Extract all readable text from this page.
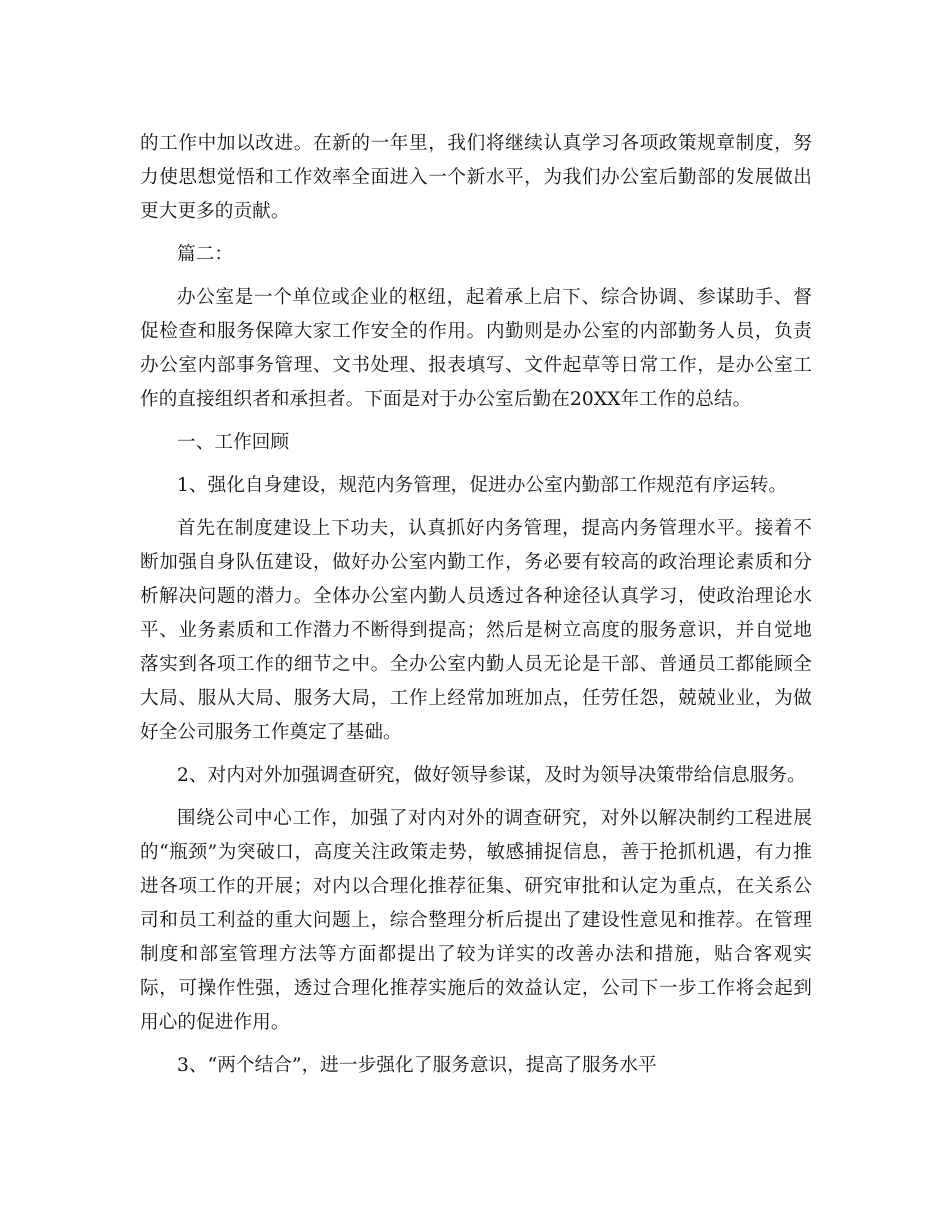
的工作中加以改进。在新的一年里，我们将继续认真学习各项政策规章制度，努力使思想觉悟和工作效率全面进入一个新水平，为我们办公室后勤部的发展做出更大更多的贡献。

篇二：

办公室是一个单位或企业的枢纽，起着承上启下、综合协调、参谋助手、督促检查和服务保障大家工作安全的作用。内勤则是办公室的内部勤务人员，负责办公室内部事务管理、文书处理、报表填写、文件起草等日常工作，是办公室工作的直接组织者和承担者。下面是对于办公室后勤在20XX年工作的总结。

一、工作回顾

1、强化自身建设，规范内务管理，促进办公室内勤部工作规范有序运转。

首先在制度建设上下功夫，认真抓好内务管理，提高内务管理水平。接着不断加强自身队伍建设，做好办公室内勤工作，务必要有较高的政治理论素质和分析解决问题的潜力。全体办公室内勤人员透过各种途径认真学习，使政治理论水平、业务素质和工作潜力不断得到提高；然后是树立高度的服务意识，并自觉地落实到各项工作的细节之中。全办公室内勤人员无论是干部、普通员工都能顾全大局、服从大局、服务大局，工作上经常加班加点，任劳任怨，兢兢业业，为做好全公司服务工作奠定了基础。

2、对内对外加强调查研究，做好领导参谋，及时为领导决策带给信息服务。

围绕公司中心工作，加强了对内对外的调查研究，对外以解决制约工程进展的“瓶颈”为突破口，高度关注政策走势，敏感捕捉信息，善于抢抓机遇，有力推进各项工作的开展；对内以合理化推荐征集、研究审批和认定为重点，在关系公司和员工利益的重大问题上，综合整理分析后提出了建设性意见和推荐。在管理制度和部室管理方法等方面都提出了较为详实的改善办法和措施，贴合客观实际，可操作性强，透过合理化推荐实施后的效益认定，公司下一步工作将会起到用心的促进作用。

3、“两个结合”，进一步强化了服务意识，提高了服务水平
